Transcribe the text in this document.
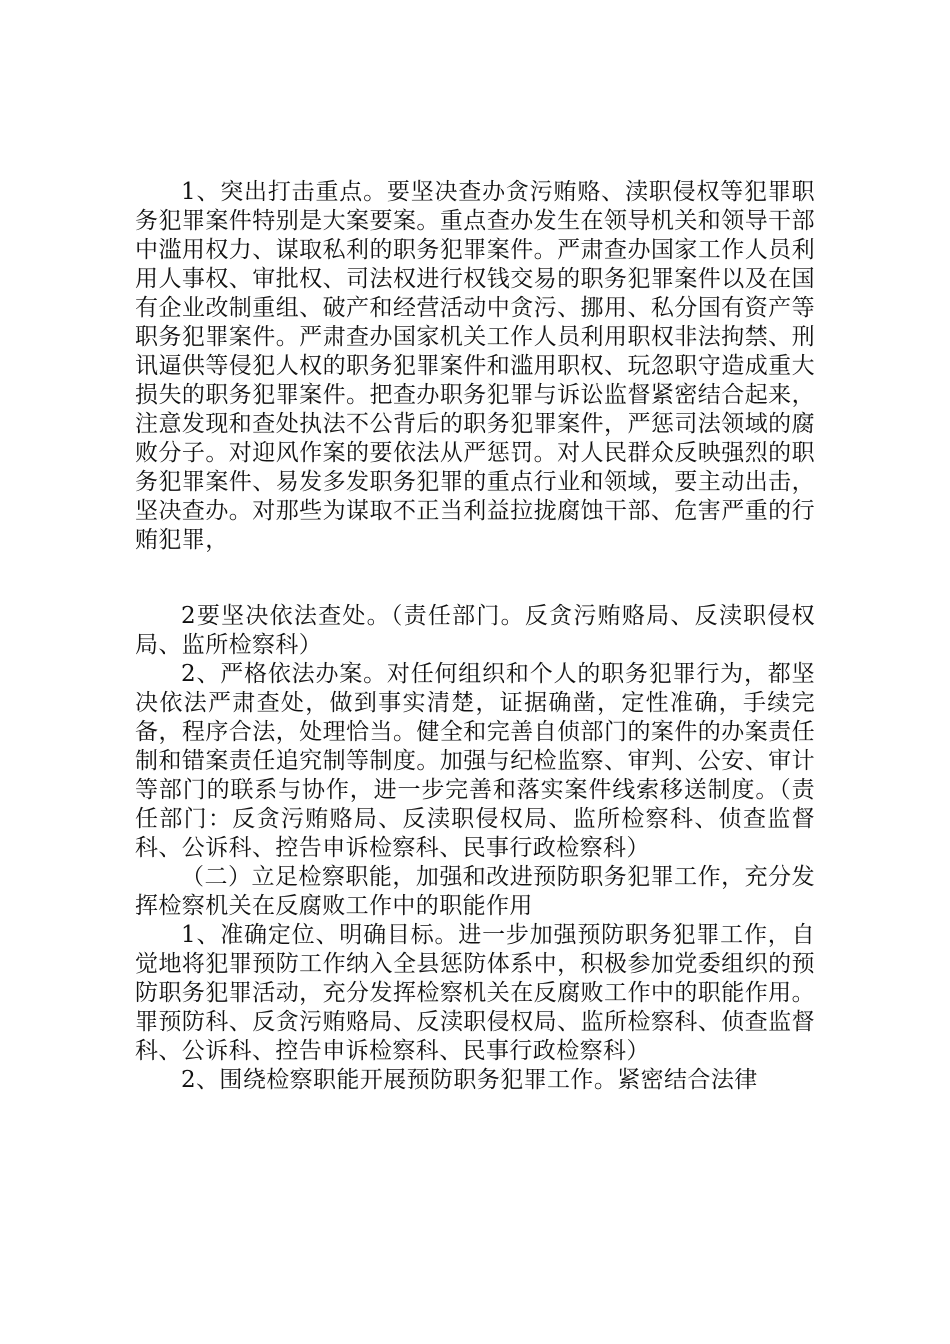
1、突出打击重点。要坚决查办贪污贿赂、渎职侵权等犯罪职务犯罪案件特别是大案要案。重点查办发生在领导机关和领导干部中滥用权力、谋取私利的职务犯罪案件。严肃查办国家工作人员利用人事权、审批权、司法权进行权钱交易的职务犯罪案件以及在国有企业改制重组、破产和经营活动中贪污、挪用、私分国有资产等职务犯罪案件。严肃查办国家机关工作人员利用职权非法拘禁、刑讯逼供等侵犯人权的职务犯罪案件和滥用职权、玩忽职守造成重大损失的职务犯罪案件。把查办职务犯罪与诉讼监督紧密结合起来，注意发现和查处执法不公背后的职务犯罪案件，严惩司法领域的腐败分子。对迎风作案的要依法从严惩罚。对人民群众反映强烈的职务犯罪案件、易发多发职务犯罪的重点行业和领域，要主动出击，坚决查办。对那些为谋取不正当利益拉拢腐蚀干部、危害严重的行贿犯罪，

2要坚决依法查处。（责任部门。反贪污贿赂局、反渎职侵权局、监所检察科）

2、严格依法办案。对任何组织和个人的职务犯罪行为，都坚决依法严肃查处，做到事实清楚，证据确凿，定性准确，手续完备，程序合法，处理恰当。健全和完善自侦部门的案件的办案责任制和错案责任追究制等制度。加强与纪检监察、审判、公安、审计等部门的联系与协作，进一步完善和落实案件线索移送制度。（责任部门：反贪污贿赂局、反渎职侵权局、监所检察科、侦查监督科、公诉科、控告申诉检察科、民事行政检察科）

（二）立足检察职能，加强和改进预防职务犯罪工作，充分发挥检察机关在反腐败工作中的职能作用

1、准确定位、明确目标。进一步加强预防职务犯罪工作，自觉地将犯罪预防工作纳入全县惩防体系中，积极参加党委组织的预防职务犯罪活动，充分发挥检察机关在反腐败工作中的职能作用。罪预防科、反贪污贿赂局、反渎职侵权局、监所检察科、侦查监督科、公诉科、控告申诉检察科、民事行政检察科）

2、围绕检察职能开展预防职务犯罪工作。紧密结合法律
